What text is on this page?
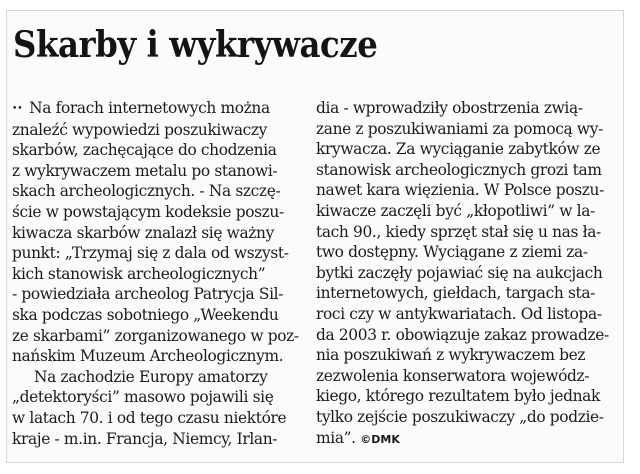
Skarby i wykrywacze
•• Na forach internetowych można
znaleźć wypowiedzi poszukiwaczy
skarbów, zachęcające do chodzenia
z wykrywaczem metalu po stanowi-
skach archeologicznych. - Na szczę-
ście w powstającym kodeksie poszu-
kiwacza skarbów znalazł się ważny
punkt: „Trzymaj się z dala od wszyst-
kich stanowisk archeologicznych”
- powiedziała archeolog Patrycja Sil-
ska podczas sobotniego „Weekendu
ze skarbami” zorganizowanego w poz-
nańskim Muzeum Archeologicznym.
Na zachodzie Europy amatorzy
„detektoryści” masowo pojawili się
w latach 70. i od tego czasu niektóre
kraje - m.in. Francja, Niemcy, Irlan-
dia - wprowadziły obostrzenia zwią-
zane z poszukiwaniami za pomocą wy-
krywacza. Za wyciąganie zabytków ze
stanowisk archeologicznych grozi tam
nawet kara więzienia. W Polsce poszu-
kiwacze zaczęli być „kłopotliwi” w la-
tach 90., kiedy sprzęt stał się u nas ła-
two dostępny. Wyciągane z ziemi za-
bytki zaczęły pojawiać się na aukcjach
internetowych, giełdach, targach sta-
roci czy w antykwariatach. Od listopa-
da 2003 r. obowiązuje zakaz prowadze-
nia poszukiwań z wykrywaczem bez
zezwolenia konserwatora wojewódz-
kiego, którego rezultatem było jednak
tylko zejście poszukiwaczy „do podzie-
mia”. ©DMK
